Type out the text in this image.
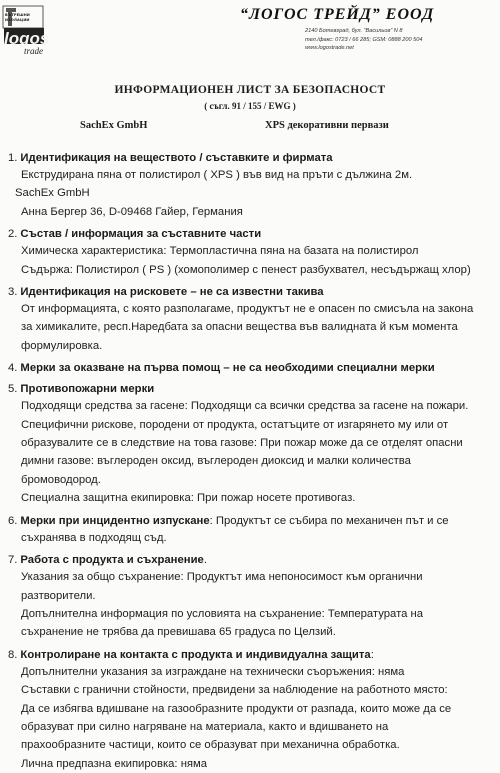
ВЪТРЕШНИ
ИЗОЛАЦИИ
logos
trade
“ЛОГОС ТРЕЙД” ЕООД
2140 Ботевград, бул. “Васильов” N 8
тел./факс: 0723 / 66 285; GSM: 0888 200 504
www.logostrade.net
ИНФОРМАЦИОНЕН ЛИСТ ЗА БЕЗОПАСНОСТ
( съгл. 91 / 155 / EWG )
SachEx GmbH	XPS декоративни первази
1. Идентификация на веществото / съставките и фирмата
Екструдирана пяна от полистирол ( XPS ) във вид на пръти с дължина 2м.
SachEx GmbH
Анна Бергер 36, D-09468 Гайер, Германия
2. Състав / информация за съставните части
Химическа характеристика: Термопластична пяна на базата на полистирол
Съдържа: Полистирол ( PS ) (хомополимер с пенест разбухвател, несъдържащ хлор)
3. Идентификация на рисковете – не са известни такива
От информацията, с която разполагаме, продуктът не е опасен по смисъла на закона
за химикалите, респ.Наредбата за опасни вещества във валидната й към момента
формулировка.
4. Мерки за оказване на първа помощ – не са необходими специални мерки
5. Противопожарни мерки
Подходящи средства за гасене: Подходящи са всички средства за гасене на пожари.
Специфични рискове, породени от продукта, остатъците от изгарянето му или от
образувалите се в следствие на това газове: При пожар може да се отделят опасни
димни газове: въглероден оксид, въглероден диоксид и малки количества
бромоводород.
Специална защитна екипировка: При пожар носете противогаз.
6. Мерки при инцидентно изпускане: Продуктът се събира по механичен път и се
съхранява в подходящ съд.
7. Работа с продукта и съхранение.
Указания за общо съхранение: Продуктът има непоносимост към органични
разтворители.
Допълнителна информация по условията на съхранение: Температурата на
съхранение не трябва да превишава 65 градуса по Целзий.
8. Контролиране на контакта с продукта и индивидуална защита:
Допълнителни указания за изграждане на технически съоръжения: няма
Съставки с гранични стойности, предвидени за наблюдение на работното място:
Да се избягва вдишване на газообразните продукти от разпада, които може да се
образуват при силно нагряване на материала, както и вдишването на
прахообразните частици, които се образуват при механична обработка.
Лична предпазна екипировка: няма
